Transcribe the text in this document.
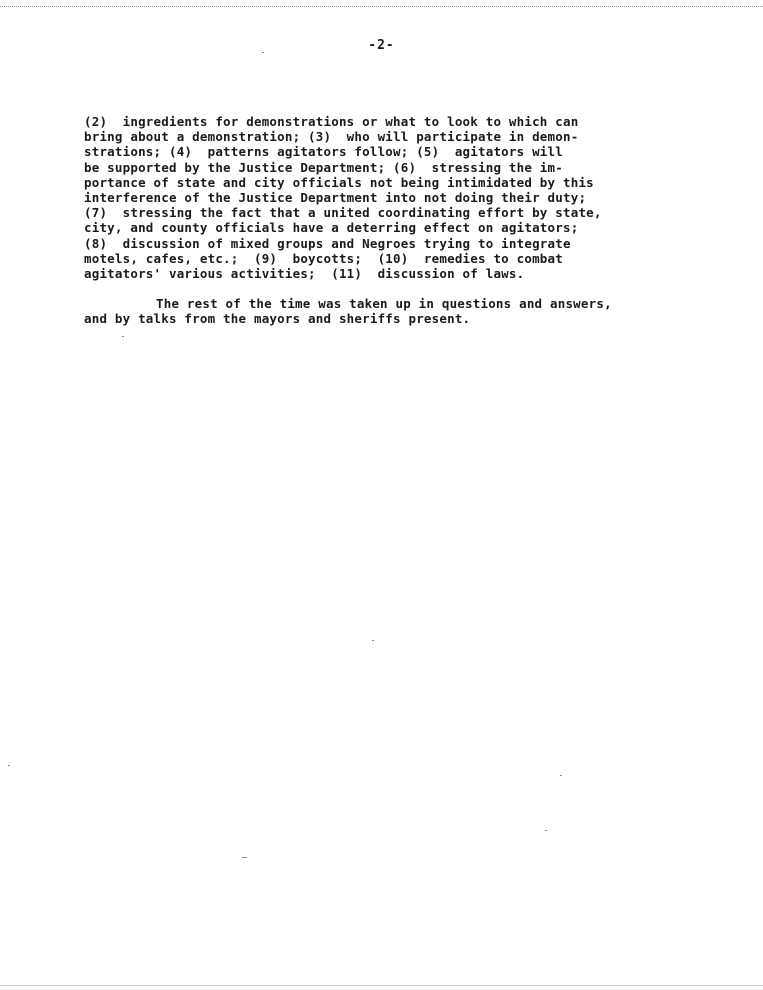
-2-
(2)  ingredients for demonstrations or what to look to which can
bring about a demonstration; (3)  who will participate in demon-
strations; (4)  patterns agitators follow; (5)  agitators will
be supported by the Justice Department; (6)  stressing the im-
portance of state and city officials not being intimidated by this
interference of the Justice Department into not doing their duty;
(7)  stressing the fact that a united coordinating effort by state,
city, and county officials have a deterring effect on agitators;
(8)  discussion of mixed groups and Negroes trying to integrate
motels, cafes, etc.;  (9)  boycotts;  (10)  remedies to combat
agitators' various activities;  (11)  discussion of laws.
The rest of the time was taken up in questions and answers,
and by talks from the mayors and sheriffs present.
